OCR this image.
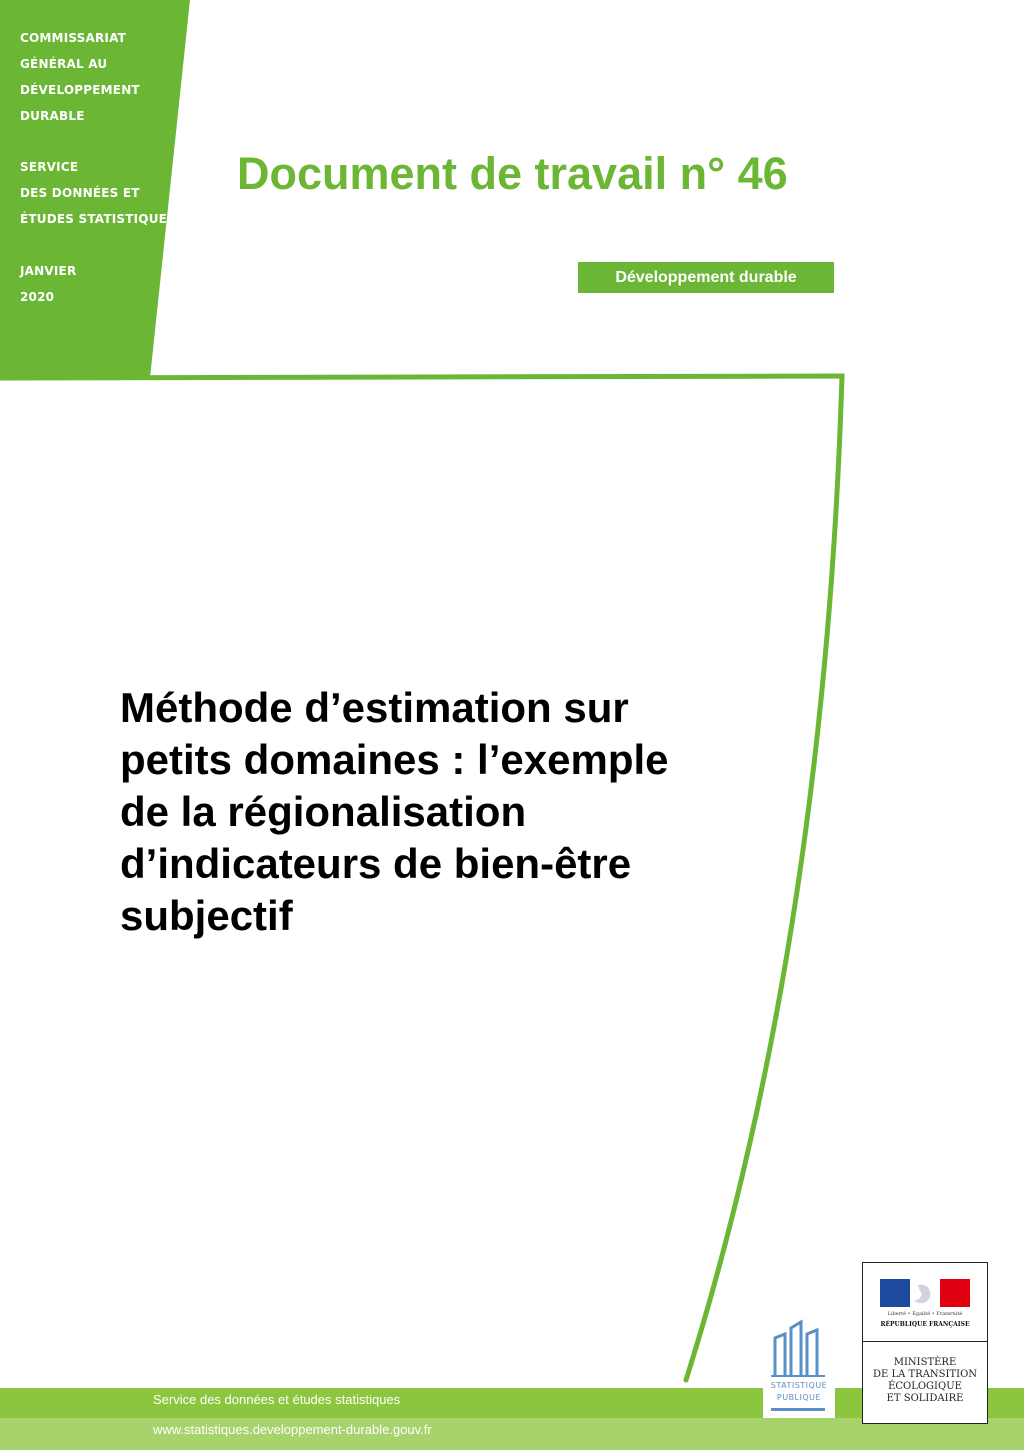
COMMISSARIAT
GÉNÉRAL AU
DÉVELOPPEMENT
DURABLE
SERVICE
DES DONNÉES ET
ÉTUDES STATISTIQUES
JANVIER
2020
Document de travail n° 46
Développement durable
Méthode d’estimation sur
petits domaines : l’exemple
de la régionalisation
d’indicateurs de bien-être
subjectif
Service des données et études statistiques
www.statistiques.developpement-durable.gouv.fr
STATISTIQUE
PUBLIQUE
Liberté • Égalité • Fraternité
RÉPUBLIQUE FRANÇAISE
MINISTÈRE
DE LA TRANSITION
ÉCOLOGIQUE
ET SOLIDAIRE
